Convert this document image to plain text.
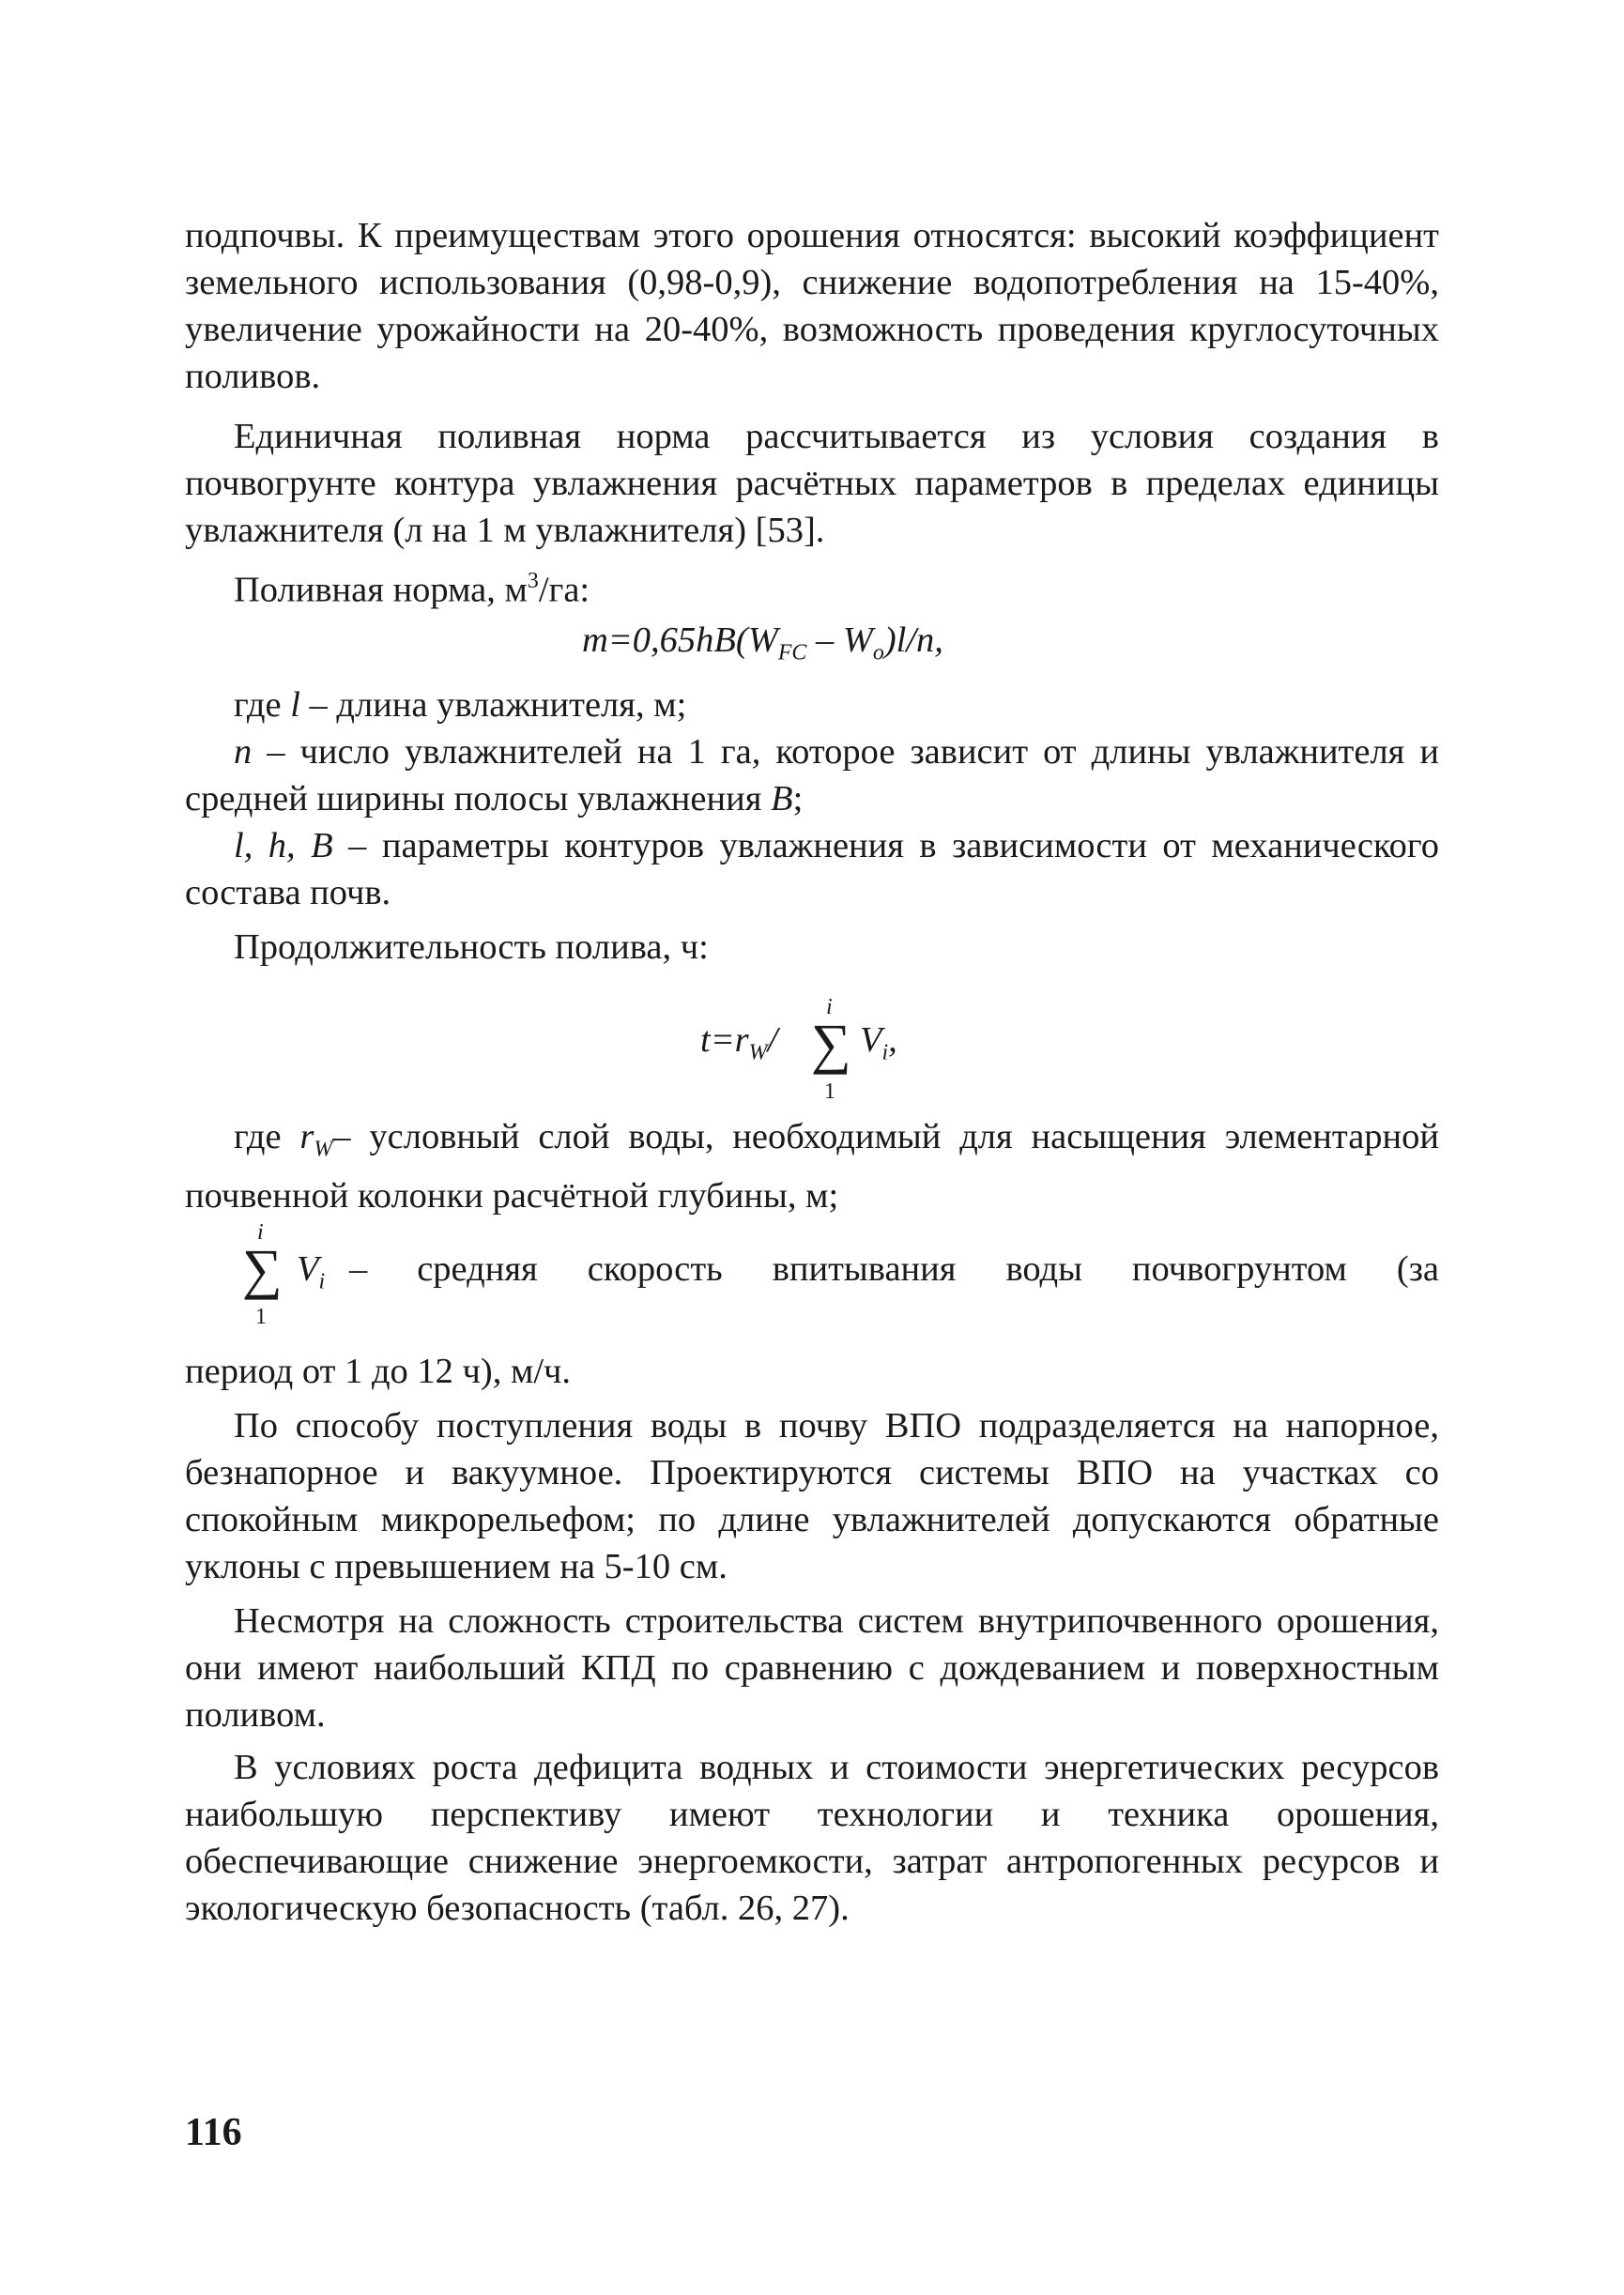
подпочвы. К преимуществам этого орошения относятся: высокий коэффициент земельного использования (0,98-0,9), снижение водопотребления на 15-40%, увеличение урожайности на 20-40%, возможность проведения круглосуточных поливов.

Единичная поливная норма рассчитывается из условия создания в почвогрунте контура увлажнения расчётных параметров в пределах единицы увлажнителя (л на 1 м увлажнителя) [53].

Поливная норма, $м^3/га$:

$m=0,65hB(W_{FC} - W_o)l/n$,

где l – длина увлажнителя, м;

n – число увлажнителей на 1 га, которое зависит от длины увлажнителя и средней ширины полосы увлажнения B;

l, h, B – параметры контуров увлажнения в зависимости от механического состава почв.

Продолжительность полива, ч:

$t=r_W/$
i
∑
1
$V_i$,

где $r_W-$ условный слой воды, необходимый для насыщения элементарной почвенной колонки расчётной глубины, м;

i
∑
1
$V_i$ – средняя скорость впитывания воды почвогрунтом (за

период от 1 до 12 ч), м/ч.

По способу поступления воды в почву ВПО подразделяется на напорное, безнапорное и вакуумное. Проектируются системы ВПО на участках со спокойным микрорельефом; по длине увлажнителей допускаются обратные уклоны с превышением на 5-10 см.

Несмотря на сложность строительства систем внутрипочвенного орошения, они имеют наибольший КПД по сравнению с дождеванием и поверхностным поливом.

В условиях роста дефицита водных и стоимости энергетических ресурсов наибольшую перспективу имеют технологии и техника орошения, обеспечивающие снижение энергоемкости, затрат антропогенных ресурсов и экологическую безопасность (табл. 26, 27).

116
